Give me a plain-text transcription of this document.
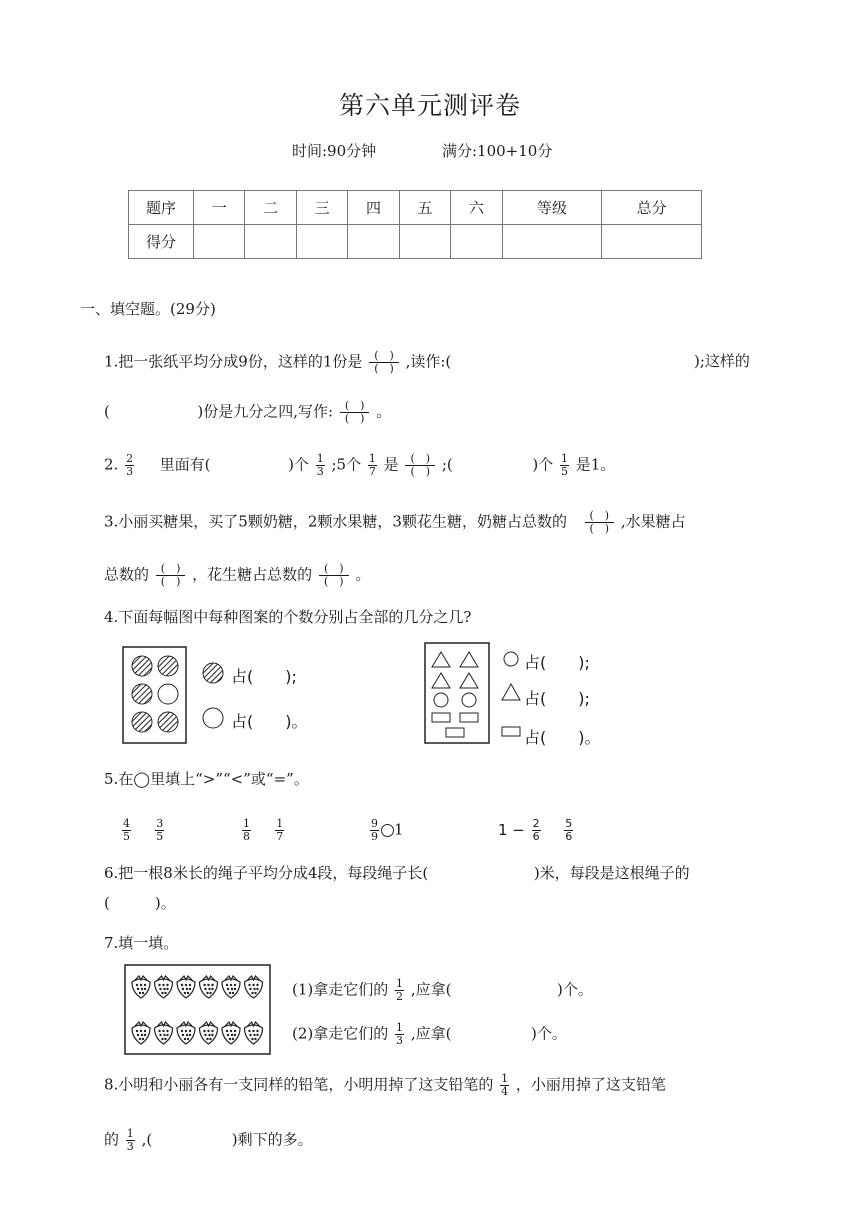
第六单元测评卷
时间:90分钟	满分:100+10分
题序	一	二	三	四	五	六	等级	总分
得分								
一、填空题。(29分)
1.把一张纸平均分成9份，这样的1份是 $\frac{( )}{( )}$ ,读作:(	);这样的
(	)份是九分之四,写作: $\frac{( )}{( )}$ 。
2. $\frac{2}{3}$ 里面有(	)个 $\frac{1}{3}$ ;5个 $\frac{1}{7}$ 是 $\frac{( )}{( )}$ ;(	)个 $\frac{1}{5}$ 是1。
3.小丽买糖果，买了5颗奶糖，2颗水果糖，3颗花生糖，奶糖占总数的 $\frac{( )}{( )}$ ,水果糖占
总数的 $\frac{( )}{( )}$ ，花生糖占总数的 $\frac{( )}{( )}$ 。
4.下面每幅图中每种图案的个数分别占全部的几分之几?
占(　　);
占(　　)。
占(　　);
占(　　);
占(　　)。
5.在◯里填上“>”“<”或“=”。
$\frac{4}{5}$
$\frac{3}{5}$	$\frac{1}{8}$
$\frac{1}{7}$	$\frac{9}{9} 1$	$1 - \frac{2}{6}$
$\frac{5}{6}$
6.把一根8米长的绳子平均分成4段，每段绳子长(	)米，每段是这根绳子的
(　　　)。
7.填一填。
(1)拿走它们的 $\frac{1}{2}$ ,应拿(	)个。
(2)拿走它们的 $\frac{1}{3}$ ,应拿(	)个。
8.小明和小丽各有一支同样的铅笔，小明用掉了这支铅笔的 $\frac{1}{4}$ ，小丽用掉了这支铅笔
的 $\frac{1}{3}$ ,(	)剩下的多。
